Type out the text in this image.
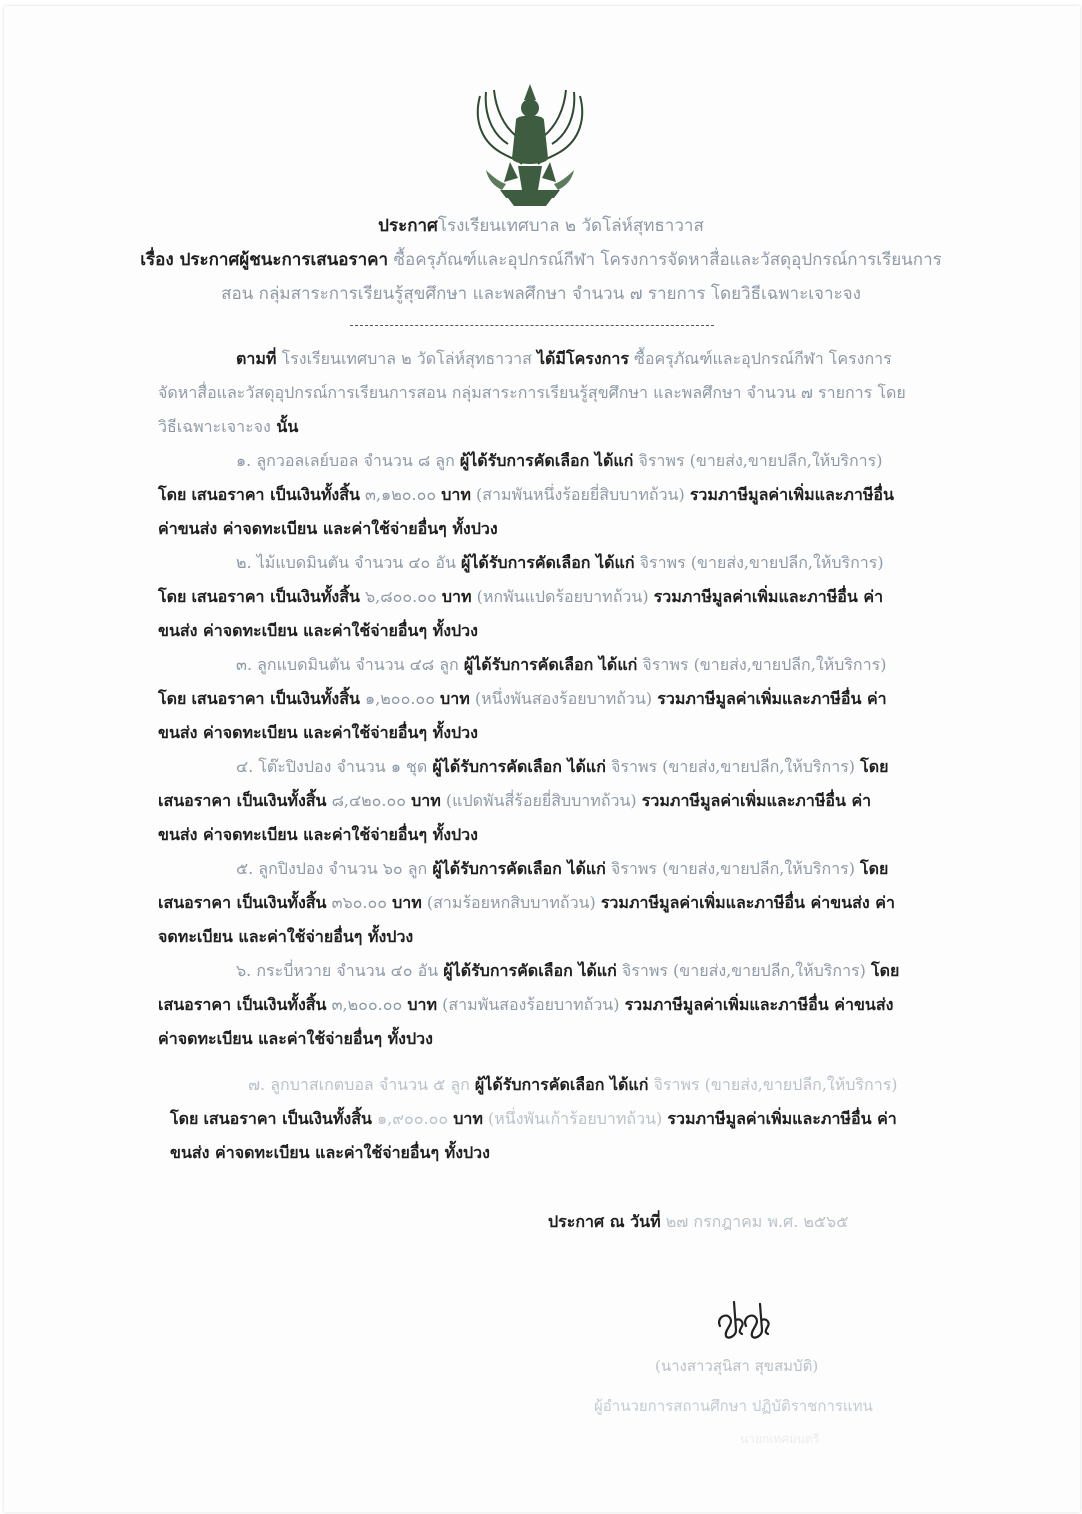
ประกาศโรงเรียนเทศบาล ๒ วัดโล่ห์สุทธาวาส
เรื่อง ประกาศผู้ชนะการเสนอราคา ซื้อครุภัณฑ์และอุปกรณ์กีฬา โครงการจัดหาสื่อและวัสดุอุปกรณ์การเรียนการ
สอน กลุ่มสาระการเรียนรู้สุขศึกษา และพลศึกษา จำนวน ๗ รายการ โดยวิธีเฉพาะเจาะจง
ตามที่ โรงเรียนเทศบาล ๒ วัดโล่ห์สุทธาวาส ได้มีโครงการ ซื้อครุภัณฑ์และอุปกรณ์กีฬา โครงการจัดหาสื่อและวัสดุอุปกรณ์การเรียนการสอน กลุ่มสาระการเรียนรู้สุขศึกษา และพลศึกษา จำนวน ๗ รายการ โดยวิธีเฉพาะเจาะจง นั้น
๑. ลูกวอลเลย์บอล จำนวน ๘ ลูก ผู้ได้รับการคัดเลือก ได้แก่ จิราพร (ขายส่ง,ขายปลีก,ให้บริการ) โดย เสนอราคา เป็นเงินทั้งสิ้น ๓,๑๒๐.๐๐ บาท (สามพันหนึ่งร้อยยี่สิบบาทถ้วน) รวมภาษีมูลค่าเพิ่มและภาษีอื่น ค่าขนส่ง ค่าจดทะเบียน และค่าใช้จ่ายอื่นๆ ทั้งปวง
๒. ไม้แบดมินตัน จำนวน ๔๐ อัน ผู้ได้รับการคัดเลือก ได้แก่ จิราพร (ขายส่ง,ขายปลีก,ให้บริการ) โดย เสนอราคา เป็นเงินทั้งสิ้น ๖,๘๐๐.๐๐ บาท (หกพันแปดร้อยบาทถ้วน) รวมภาษีมูลค่าเพิ่มและภาษีอื่น ค่าขนส่ง ค่าจดทะเบียน และค่าใช้จ่ายอื่นๆ ทั้งปวง
๓. ลูกแบดมินตัน จำนวน ๔๘ ลูก ผู้ได้รับการคัดเลือก ได้แก่ จิราพร (ขายส่ง,ขายปลีก,ให้บริการ) โดย เสนอราคา เป็นเงินทั้งสิ้น ๑,๒๐๐.๐๐ บาท (หนึ่งพันสองร้อยบาทถ้วน) รวมภาษีมูลค่าเพิ่มและภาษีอื่น ค่าขนส่ง ค่าจดทะเบียน และค่าใช้จ่ายอื่นๆ ทั้งปวง
๔. โต๊ะปิงปอง จำนวน ๑ ชุด ผู้ได้รับการคัดเลือก ได้แก่ จิราพร (ขายส่ง,ขายปลีก,ให้บริการ) โดย เสนอราคา เป็นเงินทั้งสิ้น ๘,๔๒๐.๐๐ บาท (แปดพันสี่ร้อยยี่สิบบาทถ้วน) รวมภาษีมูลค่าเพิ่มและภาษีอื่น ค่าขนส่ง ค่าจดทะเบียน และค่าใช้จ่ายอื่นๆ ทั้งปวง
๕. ลูกปิงปอง จำนวน ๖๐ ลูก ผู้ได้รับการคัดเลือก ได้แก่ จิราพร (ขายส่ง,ขายปลีก,ให้บริการ) โดย เสนอราคา เป็นเงินทั้งสิ้น ๓๖๐.๐๐ บาท (สามร้อยหกสิบบาทถ้วน) รวมภาษีมูลค่าเพิ่มและภาษีอื่น ค่าขนส่ง ค่าจดทะเบียน และค่าใช้จ่ายอื่นๆ ทั้งปวง
๖. กระบี่หวาย จำนวน ๔๐ อัน ผู้ได้รับการคัดเลือก ได้แก่ จิราพร (ขายส่ง,ขายปลีก,ให้บริการ) โดย เสนอราคา เป็นเงินทั้งสิ้น ๓,๒๐๐.๐๐ บาท (สามพันสองร้อยบาทถ้วน) รวมภาษีมูลค่าเพิ่มและภาษีอื่น ค่าขนส่ง ค่าจดทะเบียน และค่าใช้จ่ายอื่นๆ ทั้งปวง
๗. ลูกบาสเกตบอล จำนวน ๕ ลูก ผู้ได้รับการคัดเลือก ได้แก่ จิราพร (ขายส่ง,ขายปลีก,ให้บริการ) โดย เสนอราคา เป็นเงินทั้งสิ้น ๑,๙๐๐.๐๐ บาท (หนึ่งพันเก้าร้อยบาทถ้วน) รวมภาษีมูลค่าเพิ่มและภาษีอื่น ค่าขนส่ง ค่าจดทะเบียน และค่าใช้จ่ายอื่นๆ ทั้งปวง
ประกาศ ณ วันที่ ๒๗ กรกฎาคม พ.ศ. ๒๕๖๕
(นางสาวสุนิสา สุขสมบัติ)
ผู้อำนวยการสถานศึกษา ปฏิบัติราชการแทน
นายกเทศมนตรี
